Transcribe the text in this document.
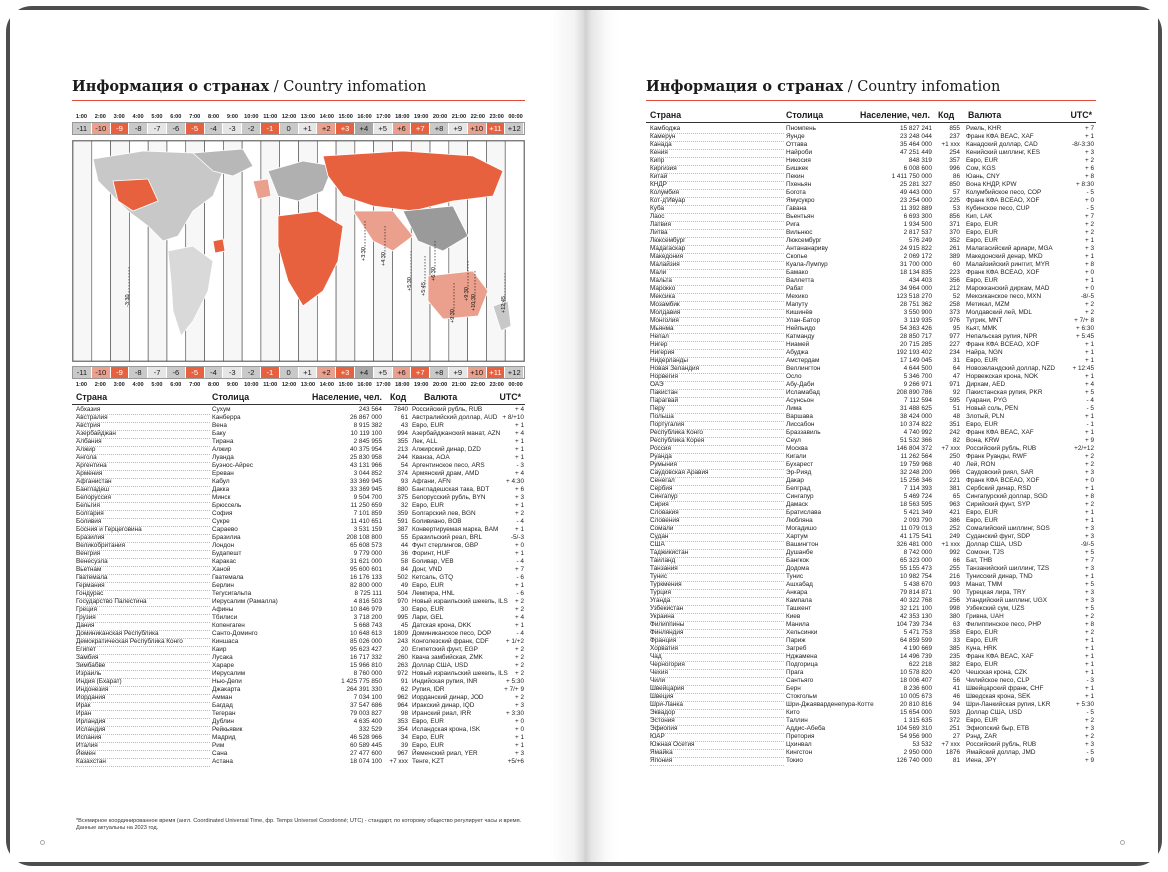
Информация о странах / Country infomation
1:00	2:00	3:00	4:00	5:00	6:00	7:00	8:00	9:00	10:00 11:00 12:00 13:00 14:00 15:00 16:00 17:00 18:00 19:00 20:00 21:00 22:00 23:00 00:00
-11	-10	-9	-8	-7	-6	-5	-4	-3	-2	-1	0	+1	+2	+3	+4	+5	+6	+7	+8	+9	+10 +11 +12
-3:30	+9:30
+3:30	+4:30
+5:30 +5:45
+6:30
+9:30
+10:30	+12:45
-11	-10	-9	-8	-7	-6	-5	-4	-3	-2	-1	0	+1	+2	+3	+4	+5	+6	+7	+8	+9	+10 +11 +12
1:00	2:00	3:00	4:00	5:00	6:00	7:00	8:00	9:00	10:00 11:00 12:00 13:00 14:00 15:00 16:00 17:00 18:00 19:00 20:00 21:00 22:00 23:00 00:00
Страна	Столица	Население, чел. Код Валюта	UTC*
Абхазия	Сухум	243 564	7840 Российский рубль, RUB	+ 4
Австралия	Канберра	26 867 000	61 Австралийский доллар, AUD + 8/+10
Австрия	Вена	8 915 382	43 Евро, EUR	+ 1
Азербайджан	Баку	10 119 100	994 Азербайджанский манат, AZN	+ 4
Албания	Тирана	2 845 955	355 Лек, ALL	+ 1
Алжир	Алжир	40 375 954	213 Алжирский динар, DZD	+ 1
Ангола	Луанда	25 830 958	244 Кванза, AOA	+ 1
Аргентина	Буэнос-Айрес	43 131 966	54 Аргентинское песо, ARS	- 3
Армения	Ереван	3 044 852	374 Армянский драм, AMD	+ 4
Афганистан	Кабул	33 369 945	93 Афгани, AFN	+ 4:30
Бангладеш	Дакка	33 369 945	880 Бангладешская така, BDT	+ 6
Белоруссия	Минск	9 504 700	375 Белорусский рубль, BYN	+ 3
Бельгия	Брюссель	11 250 659	32 Евро, EUR	+ 1
Болгария	София	7 101 859	359 Болгарский лев, BGN	+ 2
Боливия	Сукре	11 410 651	591 Боливиано, BOB	- 4
Босния и Герцеговина	Сараево	3 531 159	387 Конвертируемая марка, BAM	+ 1
Бразилия	Бразилиа	208 108 800	55 Бразильский реал, BRL	-5/-3
Великобритания	Лондон	65 608 573	44 Фунт стерлингов, GBP	+ 0
Венгрия	Будапешт	9 779 000	36 Форинт, HUF	+ 1
Венесуэла	Каракас	31 621 000	58 Боливар, VEB	- 4
Вьетнам	Ханой	95 600 601	84 Донг, VND	+ 7
Гватемала	Гватемала	16 176 133	502 Кетсаль, GTQ	- 6
Германия	Берлин	82 800 000	49 Евро, EUR	+ 1
Гондурас	Тегусигальпа	8 725 111	504 Лемпира, HNL	- 6
Государство Палестина	Иерусалим (Рамалла)	4 816 503	970 Новый израильский шекель, ILS	+ 2
Греция	Афины	10 846 979	30 Евро, EUR	+ 2
Грузия	Тбилиси	3 718 200	995 Лари, GEL	+ 4
Дания	Копенгаген	5 668 743	45 Датская крона, DKK	+ 1
Доминиканская Республика	Санто-Доминго	10 648 613	1809 Доминиканское песо, DOP	- 4
Демократическая Республика Конго	Киншаса	85 026 000	243 Конголезский франк, CDF	+ 1/+2
Египет	Каир	95 623 427	20 Египетский фунт, EGP	+ 2
Замбия	Лусака	16 717 332	260 Квача замбийская, ZMK	+ 2
Зимбабве	Хараре	15 966 810	263 Доллар США, USD	+ 2
Израиль	Иерусалим	8 760 000	972 Новый израильский шекель, ILS	+ 2
Индия (Бхарат)	Нью-Дели	1 425 775 850	91 Индийская рупия, INR	+ 5:30
Индонезия	Джакарта	264 391 330	62 Рупия, IDR	+ 7/+ 9
Иордания	Амман	7 034 100	962 Иорданский динар, JOD	+ 2
Ирак	Багдад	37 547 686	964 Иракский динар, IQD	+ 3
Иран	Тегеран	79 003 827	98 Иранский риал, IRR	+ 3:30
Ирландия	Дублин	4 635 400	353 Евро, EUR	+ 0
Исландия	Рейкьявик	332 529	354 Исландская крона, ISK	+ 0
Испания	Мадрид	46 528 966	34 Евро, EUR	+ 1
Италия	Рим	60 589 445	39 Евро, EUR	+ 1
Йемен	Сана	27 477 600	967 Йеменский риал, YER	+ 3
Казахстан	Астана	18 074 100	+7 xxx Тенге, KZT	+5/+6
*Всемирное координированное время (англ. Coordinated Universal Time, фр. Temps Universel Coordonné; UTC) - стандарт, по которому общество регулирует часы и время. Данные актуальны на 2023 год.
Информация о странах / Country infomation
Страна	Столица	Население, чел. Код Валюта	UTC*
Камбоджа	Пномпень	15 827 241	855 Риель, KHR	+ 7
Камерун	Яунде	23 248 044	237 Франк КФА BEAC, XAF	+ 1
Канада	Оттава	35 464 000	+1 xxx Канадский доллар, CAD	-8/-3:30
Кения	Найроби	47 251 449	254 Кенийский шиллинг, KES	+ 3
Кипр	Никосия	848 319	357 Евро, EUR	+ 2
Киргизия	Бишкек	6 008 600	996 Сом, KGS	+ 6
Китай	Пекин	1 411 750 000	86 Юань, CNY	+ 8
КНДР	Пхеньян	25 281 327	850 Вона КНДР, KPW	+ 8:30
Колумбия	Богота	49 443 000	57 Колумбийское песо, COP	- 5
Кот-д'Ивуар	Ямусукро	23 254 000	225 Франк КФА BCEAO, XOF	+ 0
Куба	Гавана	11 392 889	53 Кубинское песо, CUP	- 5
Лаос	Вьентьян	6 693 300	856 Кип, LAK	+ 7
Латвия	Рига	1 934 500	371 Евро, EUR	+ 2
Литва	Вильнюс	2 817 537	370 Евро, EUR	+ 2
Люксембург	Люксембург	576 249	352 Евро, EUR	+ 1
Мадагаскар	Антананариву	24 915 822	261 Малагасийский ариари, MGA	+ 3
Македония	Скопье	2 069 172	389 Македонский денар, MKD	+ 1
Малайзия	Куала-Лумпур	31 700 000	60 Малайзийский ринггит, MYR	+ 8
Мали	Бамако	18 134 835	223 Франк КФА BCEAO, XOF	+ 0
Мальта	Валлетта	434 403	356 Евро, EUR	+ 1
Марокко	Рабат	34 964 000	212 Марокканский дирхам, MAD	+ 0
Мексика	Мехико	123 518 270	52 Мексиканское песо, MXN	-8/-5
Мозамбик	Мапуту	28 751 362	258 Метикал, MZM	+ 2
Молдавия	Кишинёв	3 550 900	373 Молдавский лей, MDL	+ 2
Монголия	Улан-Батор	3 119 935	976 Тугрик, MNT	+ 7/+ 8
Мьянма	Нейпьидо	54 363 426	95 Кьят, MMK	+ 6:30
Непал	Катманду	28 850 717	977 Непальская рупия, NPR	+ 5:45
Нигер	Ниамей	20 715 285	227 Франк КФА BCEAO, XOF	+ 1
Нигерия	Абуджа	192 193 402	234 Найра, NGN	+ 1
Нидерланды	Амстердам	17 149 045	31 Евро, EUR	+ 1
Новая Зеландия	Веллингтон	4 644 500	64 Новозеландский доллар, NZD	+ 12:45
Норвегия	Осло	5 346 700	47 Норвежская крона, NOK	+ 1
ОАЭ	Абу-Даби	9 266 971	971 Дирхам, AED	+ 4
Пакистан	Исламабад	208 890 786	92 Пакистанская рупия, PKR	+ 5
Парагвай	Асунсьон	7 112 594	595 Гуарани, PYG	- 4
Перу	Лима	31 488 625	51 Новый соль, PEN	- 5
Польша	Варшава	38 424 000	48 Злотый, PLN	+ 1
Португалия	Лиссабон	10 374 822	351 Евро, EUR	- 1
Республика Конго	Браззавиль	4 740 992	242 Франк КФА BEAC, XAF	+ 1
Республика Корея	Сеул	51 532 366	82 Вона, KRW	+ 9
Россия	Москва	146 804 372	+7 xxx Российский рубль, RUB	+2/+12
Руанда	Кигали	11 262 564	250 Франк Руанды, RWF	+ 2
Румыния	Бухарест	19 759 968	40 Лей, RON	+ 2
Саудовская Аравия	Эр-Рияд	32 248 200	966 Саудовский риял, SAR	+ 3
Сенегал	Дакар	15 256 346	221 Франк КФА BCEAO, XOF	+ 0
Сербия	Белград	7 114 393	381 Сербский динар, RSD	+ 1
Сингапур	Сингапур	5 469 724	65 Сингапурский доллар, SGD	+ 8
Сирия	Дамаск	18 563 595	963 Сирийский фунт, SYP	+ 2
Словакия	Братислава	5 421 349	421 Евро, EUR	+ 1
Словения	Любляна	2 093 790	386 Евро, EUR	+ 1
Сомали	Могадишо	11 079 013	252 Сомалийский шиллинг, SOS	+ 3
Судан	Хартум	41 175 541	249 Суданский фунт, SDP	+ 3
США	Вашингтон	326 481 000	+1 xxx Доллар США, USD	-9/-5
Таджикистан	Душанбе	8 742 000	992 Сомони, TJS	+ 5
Таиланд	Бангкок	65 323 000	66 Бат, THB	+ 7
Танзания	Додома	55 155 473	255 Танзанийский шиллинг, TZS	+ 3
Тунис	Тунис	10 982 754	216 Тунисский динар, TND	+ 1
Туркмения	Ашхабад	5 438 670	993 Манат, TMM	+ 5
Турция	Анкара	79 814 871	90 Турецкая лира, TRY	+ 3
Уганда	Кампала	40 322 768	256 Угандийский шиллинг, UGX	+ 3
Узбекистан	Ташкент	32 121 100	998 Узбекский сум, UZS	+ 5
Украина	Киев	42 353 130	380 Гривна, UAH	+ 2
Филиппины	Манила	104 739 734	63 Филиппинское песо, PHP	+ 8
Финляндия	Хельсинки	5 471 753	358 Евро, EUR	+ 2
Франция	Париж	64 859 599	33 Евро, EUR	+ 1
Хорватия	Загреб	4 190 669	385 Куна, HRK	+ 1
Чад	Нджамена	14 496 739	235 Франк КФА BEAC, XAF	+ 1
Черногория	Подгорица	622 218	382 Евро, EUR	+ 1
Чехия	Прага	10 578 820	420 Чешская крона, CZK	+ 1
Чили	Сантьяго	18 006 407	56 Чилийское песо, CLP	- 3
Швейцария	Берн	8 236 600	41 Швейцарский франк, CHF	+ 1
Швеция	Стокгольм	10 005 673	46 Шведская крона, SEK	+ 1
Шри-Ланка	Шри-Джаяварденепура-Котте	20 810 816	94 Шри-Ланкийская рупия, LKR	+ 5:30
Эквадор	Кито	15 654 000	593 Доллар США, USD	- 5
Эстония	Таллин	1 315 635	372 Евро, EUR	+ 2
Эфиопия	Аддис-Абеба	104 569 310	251 Эфиопский быр, ETB	+ 3
ЮАР	Претория	54 956 900	27 Рэнд, ZAR	+ 2
Южная Осетия	Цхинвал	53 532	+7 xxx Российский рубль, RUB	+ 3
Ямайка	Кингстон	2 950 000	1876 Ямайский доллар, JMD	- 5
Япония	Токио	126 740 000	81 Иена, JPY	+ 9
